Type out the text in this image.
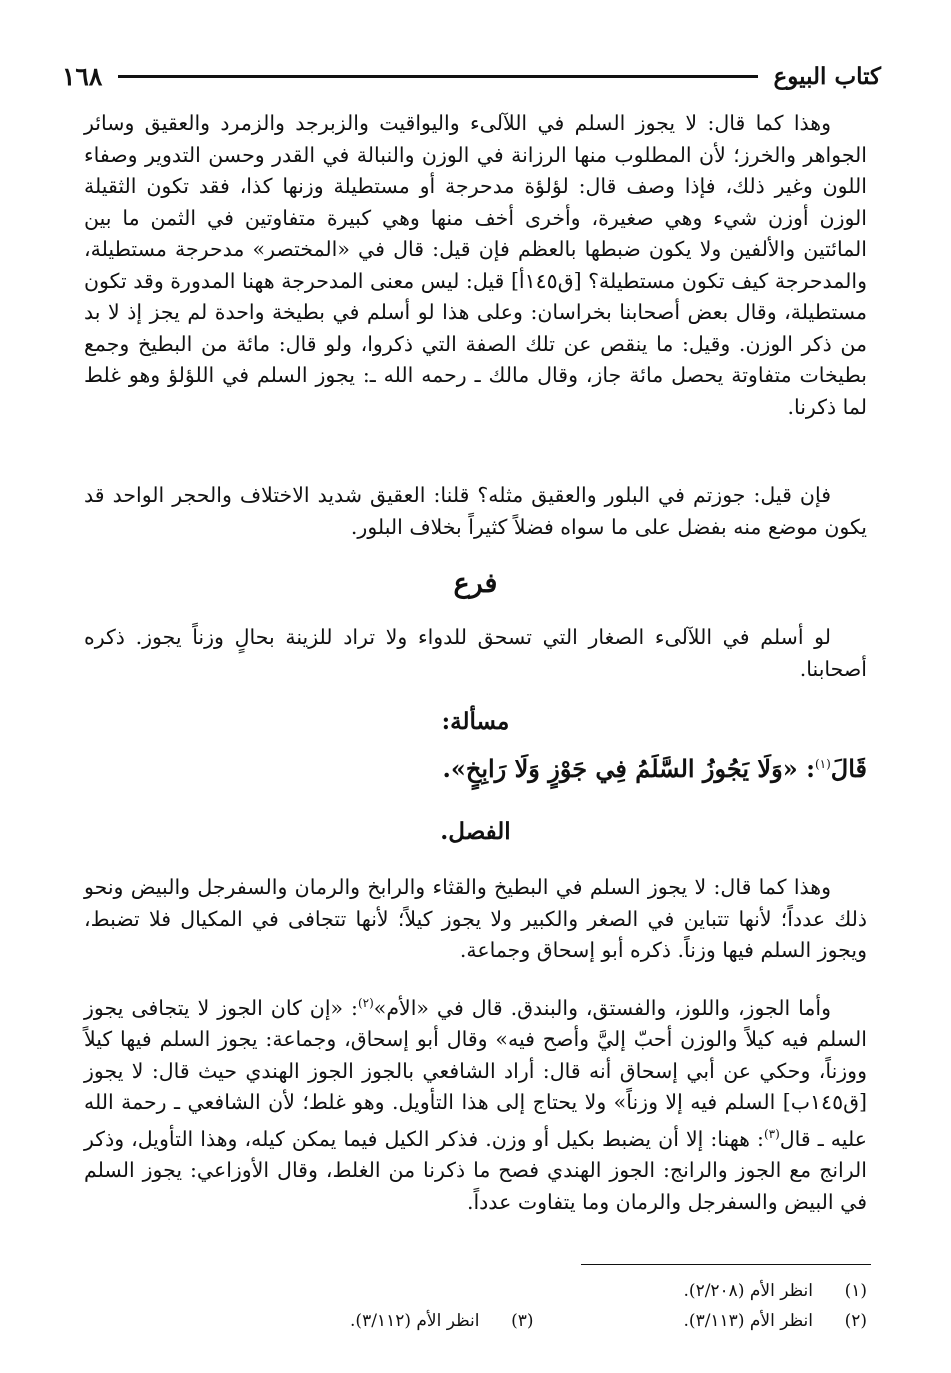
كتاب البيوع
١٦٨

وهذا كما قال: لا يجوز السلم في اللآلىء واليواقيت والزبرجد والزمرد والعقيق وسائر الجواهر والخرز؛ لأن المطلوب منها الرزانة في الوزن والنبالة في القدر وحسن التدوير وصفاء اللون وغير ذلك، فإذا وصف قال: لؤلؤة مدحرجة أو مستطيلة وزنها كذا، فقد تكون الثقيلة الوزن أوزن شيء وهي صغيرة، وأخرى أخف منها وهي كبيرة متفاوتين في الثمن ما بين المائتين والألفين ولا يكون ضبطها بالعظم فإن قيل: قال في «المختصر» مدحرجة مستطيلة، والمدحرجة كيف تكون مستطيلة؟ [ق١٤٥أ] قيل: ليس معنى المدحرجة ههنا المدورة وقد تكون مستطيلة، وقال بعض أصحابنا بخراسان: وعلى هذا لو أسلم في بطيخة واحدة لم يجز إذ لا بد من ذكر الوزن. وقيل: ما ينقص عن تلك الصفة التي ذكروا، ولو قال: مائة من البطيخ وجمع بطيخات متفاوتة يحصل مائة جاز، وقال مالك ـ رحمه الله ـ: يجوز السلم في اللؤلؤ وهو غلط لما ذكرنا.

فإن قيل: جوزتم في البلور والعقيق مثله؟ قلنا: العقيق شديد الاختلاف والحجر الواحد قد يكون موضع منه بفضل على ما سواه فضلاً كثيراً بخلاف البلور.

فرع

لو أسلم في اللآلىء الصغار التي تسحق للدواء ولا تراد للزينة بحالٍ وزناً يجوز. ذكره أصحابنا.

مسألة:

قَالَ$^{(١)}$: «وَلَا يَجُوزُ السَّلَمُ فِي جَوْزٍ وَلَا رَابِخٍ».

الفصل.

وهذا كما قال: لا يجوز السلم في البطيخ والقثاء والرابخ والرمان والسفرجل والبيض ونحو ذلك عدداً؛ لأنها تتباين في الصغر والكبير ولا يجوز كيلاً؛ لأنها تتجافى في المكيال فلا تضبط، ويجوز السلم فيها وزناً. ذكره أبو إسحاق وجماعة.

وأما الجوز، واللوز، والفستق، والبندق. قال في «الأم»$^{(٢)}$: «إن كان الجوز لا يتجافى يجوز السلم فيه كيلاً والوزن أحبّ إليَّ وأصح فيه» وقال أبو إسحاق، وجماعة: يجوز السلم فيها كيلاً ووزناً، وحكي عن أبي إسحاق أنه قال: أراد الشافعي بالجوز الجوز الهندي حيث قال: لا يجوز [ق١٤٥ب] السلم فيه إلا وزناً» ولا يحتاج إلى هذا التأويل. وهو غلط؛ لأن الشافعي ـ رحمة الله عليه ـ قال$^{(٣)}$: ههنا: إلا أن يضبط بكيل أو وزن. فذكر الكيل فيما يمكن كيله، وهذا التأويل، وذكر الرانج مع الجوز والرانج: الجوز الهندي فصح ما ذكرنا من الغلط، وقال الأوزاعي: يجوز السلم في البيض والسفرجل والرمان وما يتفاوت عدداً.

(١)
انظر الأم (٢/٢٠٨).
(٢)
انظر الأم (٣/١١٣).
(٣)
انظر الأم (٣/١١٢).
